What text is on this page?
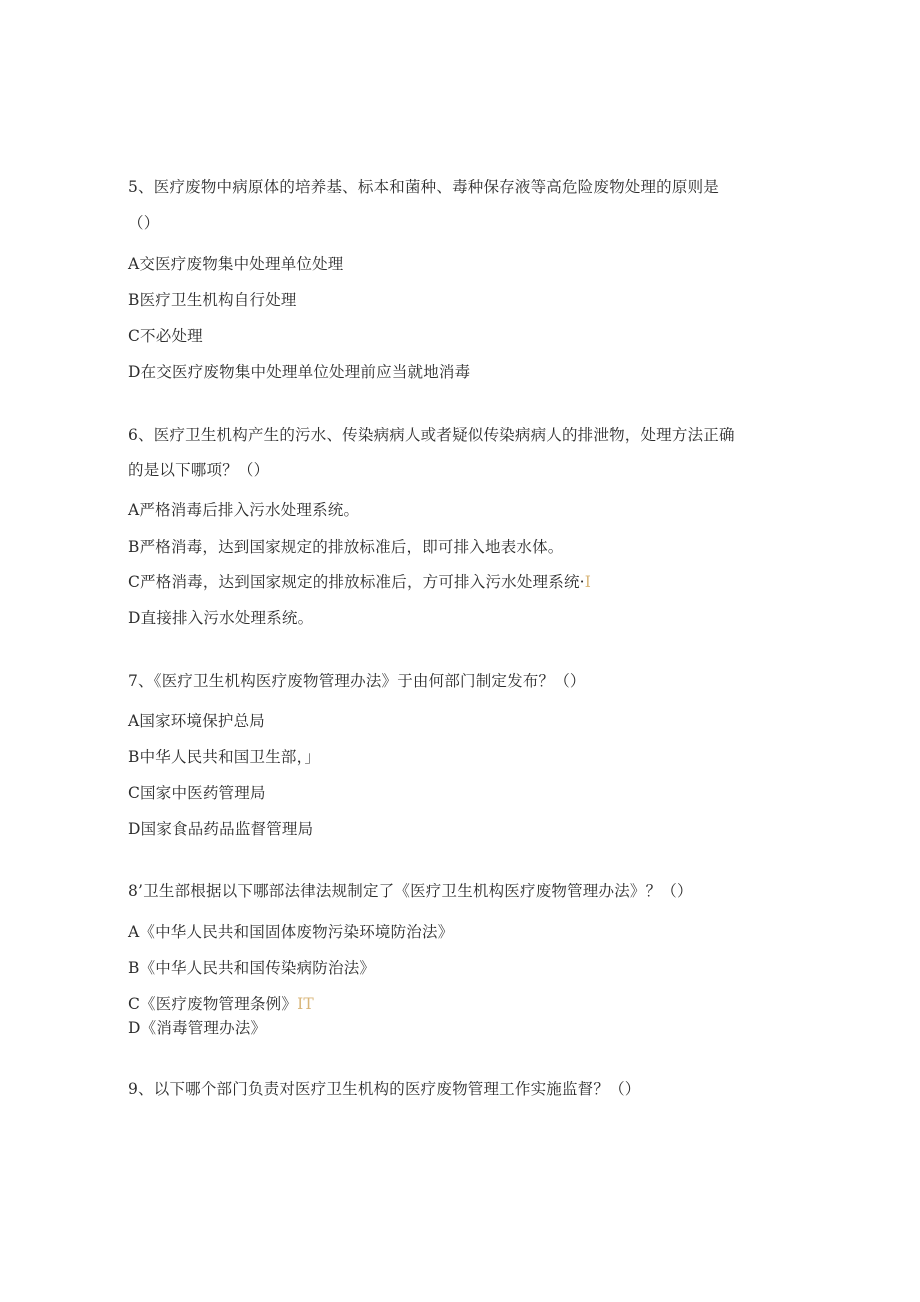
5、医疗废物中病原体的培养基、标本和菌种、毒种保存液等高危险废物处理的原则是
（）
A交医疗废物集中处理单位处理
B医疗卫生机构自行处理
C不必处理
D在交医疗废物集中处理单位处理前应当就地消毒
6、医疗卫生机构产生的污水、传染病病人或者疑似传染病病人的排泄物，处理方法正确
的是以下哪项？（）
A严格消毒后排入污水处理系统。
B严格消毒，达到国家规定的排放标准后，即可排入地表水体。
C严格消毒，达到国家规定的排放标准后，方可排入污水处理系统·I
D直接排入污水处理系统。
7、《医疗卫生机构医疗废物管理办法》于由何部门制定发布？（）
A国家环境保护总局
B中华人民共和国卫生部，」
C国家中医药管理局
D国家食品药品监督管理局
8’卫生部根据以下哪部法律法规制定了《医疗卫生机构医疗废物管理办法》？（）
A《中华人民共和国固体废物污染环境防治法》
B《中华人民共和国传染病防治法》
C《医疗废物管理条例》IT
D《消毒管理办法》
9、以下哪个部门负责对医疗卫生机构的医疗废物管理工作实施监督？（）
